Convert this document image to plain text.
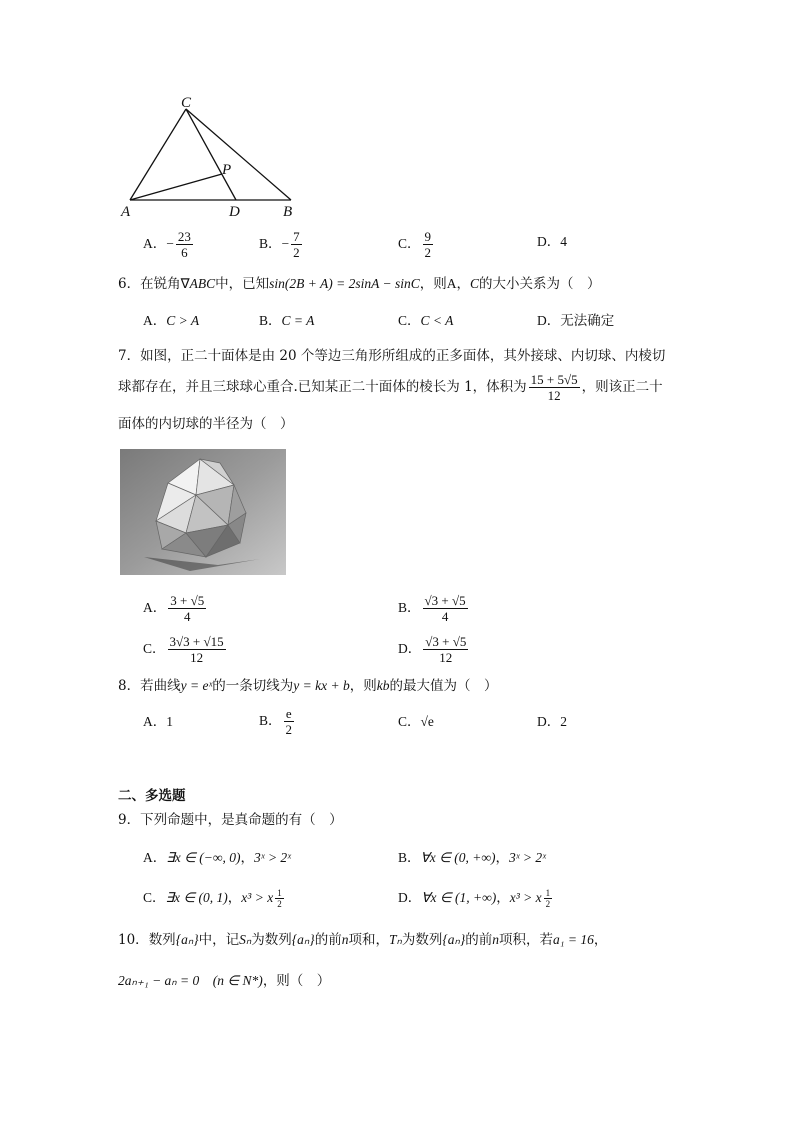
C
P
A	D	B
A．− $\frac{23}{6}$	B．− $\frac{7}{2}$	C． $\frac{9}{2}$	D．4
6．在锐角∇ABC中，已知sin(2B + A) = 2sinA − sinC，则A，C的大小关系为（　）
A．C > A	B．C = A	C．C < A	D．无法确定
7．如图，正二十面体是由 20 个等边三角形所组成的正多面体，其外接球、内切球、内棱切
球都存在，并且三球球心重合.已知某正二十面体的棱长为 1，体积为 $\frac{15 + 5√5}{12}$ ，则该正二十
面体的内切球的半径为（　）
A． $\frac{3 + √5}{4}$	B． $\frac{√3 + √5}{4}$
C． $\frac{3√3 + √15}{12}$	D． $\frac{√3 + √5}{12}$
8．若曲线y = eˣ的一条切线为y = kx + b，则kb的最大值为（　）
A．1	B． $\frac{e}{2}$	C．√e	D．2
二、多选题
9．下列命题中，是真命题的有（　）
A．∃x ∈ (−∞, 0)，3ˣ > 2ˣ	B．∀x ∈ (0, +∞)，3ˣ > 2ˣ
C．∃x ∈ (0, 1)，x³ > x $\frac{1}{2}$	D．∀x ∈ (1, +∞)，x³ > x $\frac{1}{2}$
10．数列{aₙ}中，记Sₙ为数列{aₙ}的前n项和，Tₙ为数列{aₙ}的前n项积，若a₁ = 16，
2aₙ₊₁ − aₙ = 0　 (n ∈ N*)，则（　）
